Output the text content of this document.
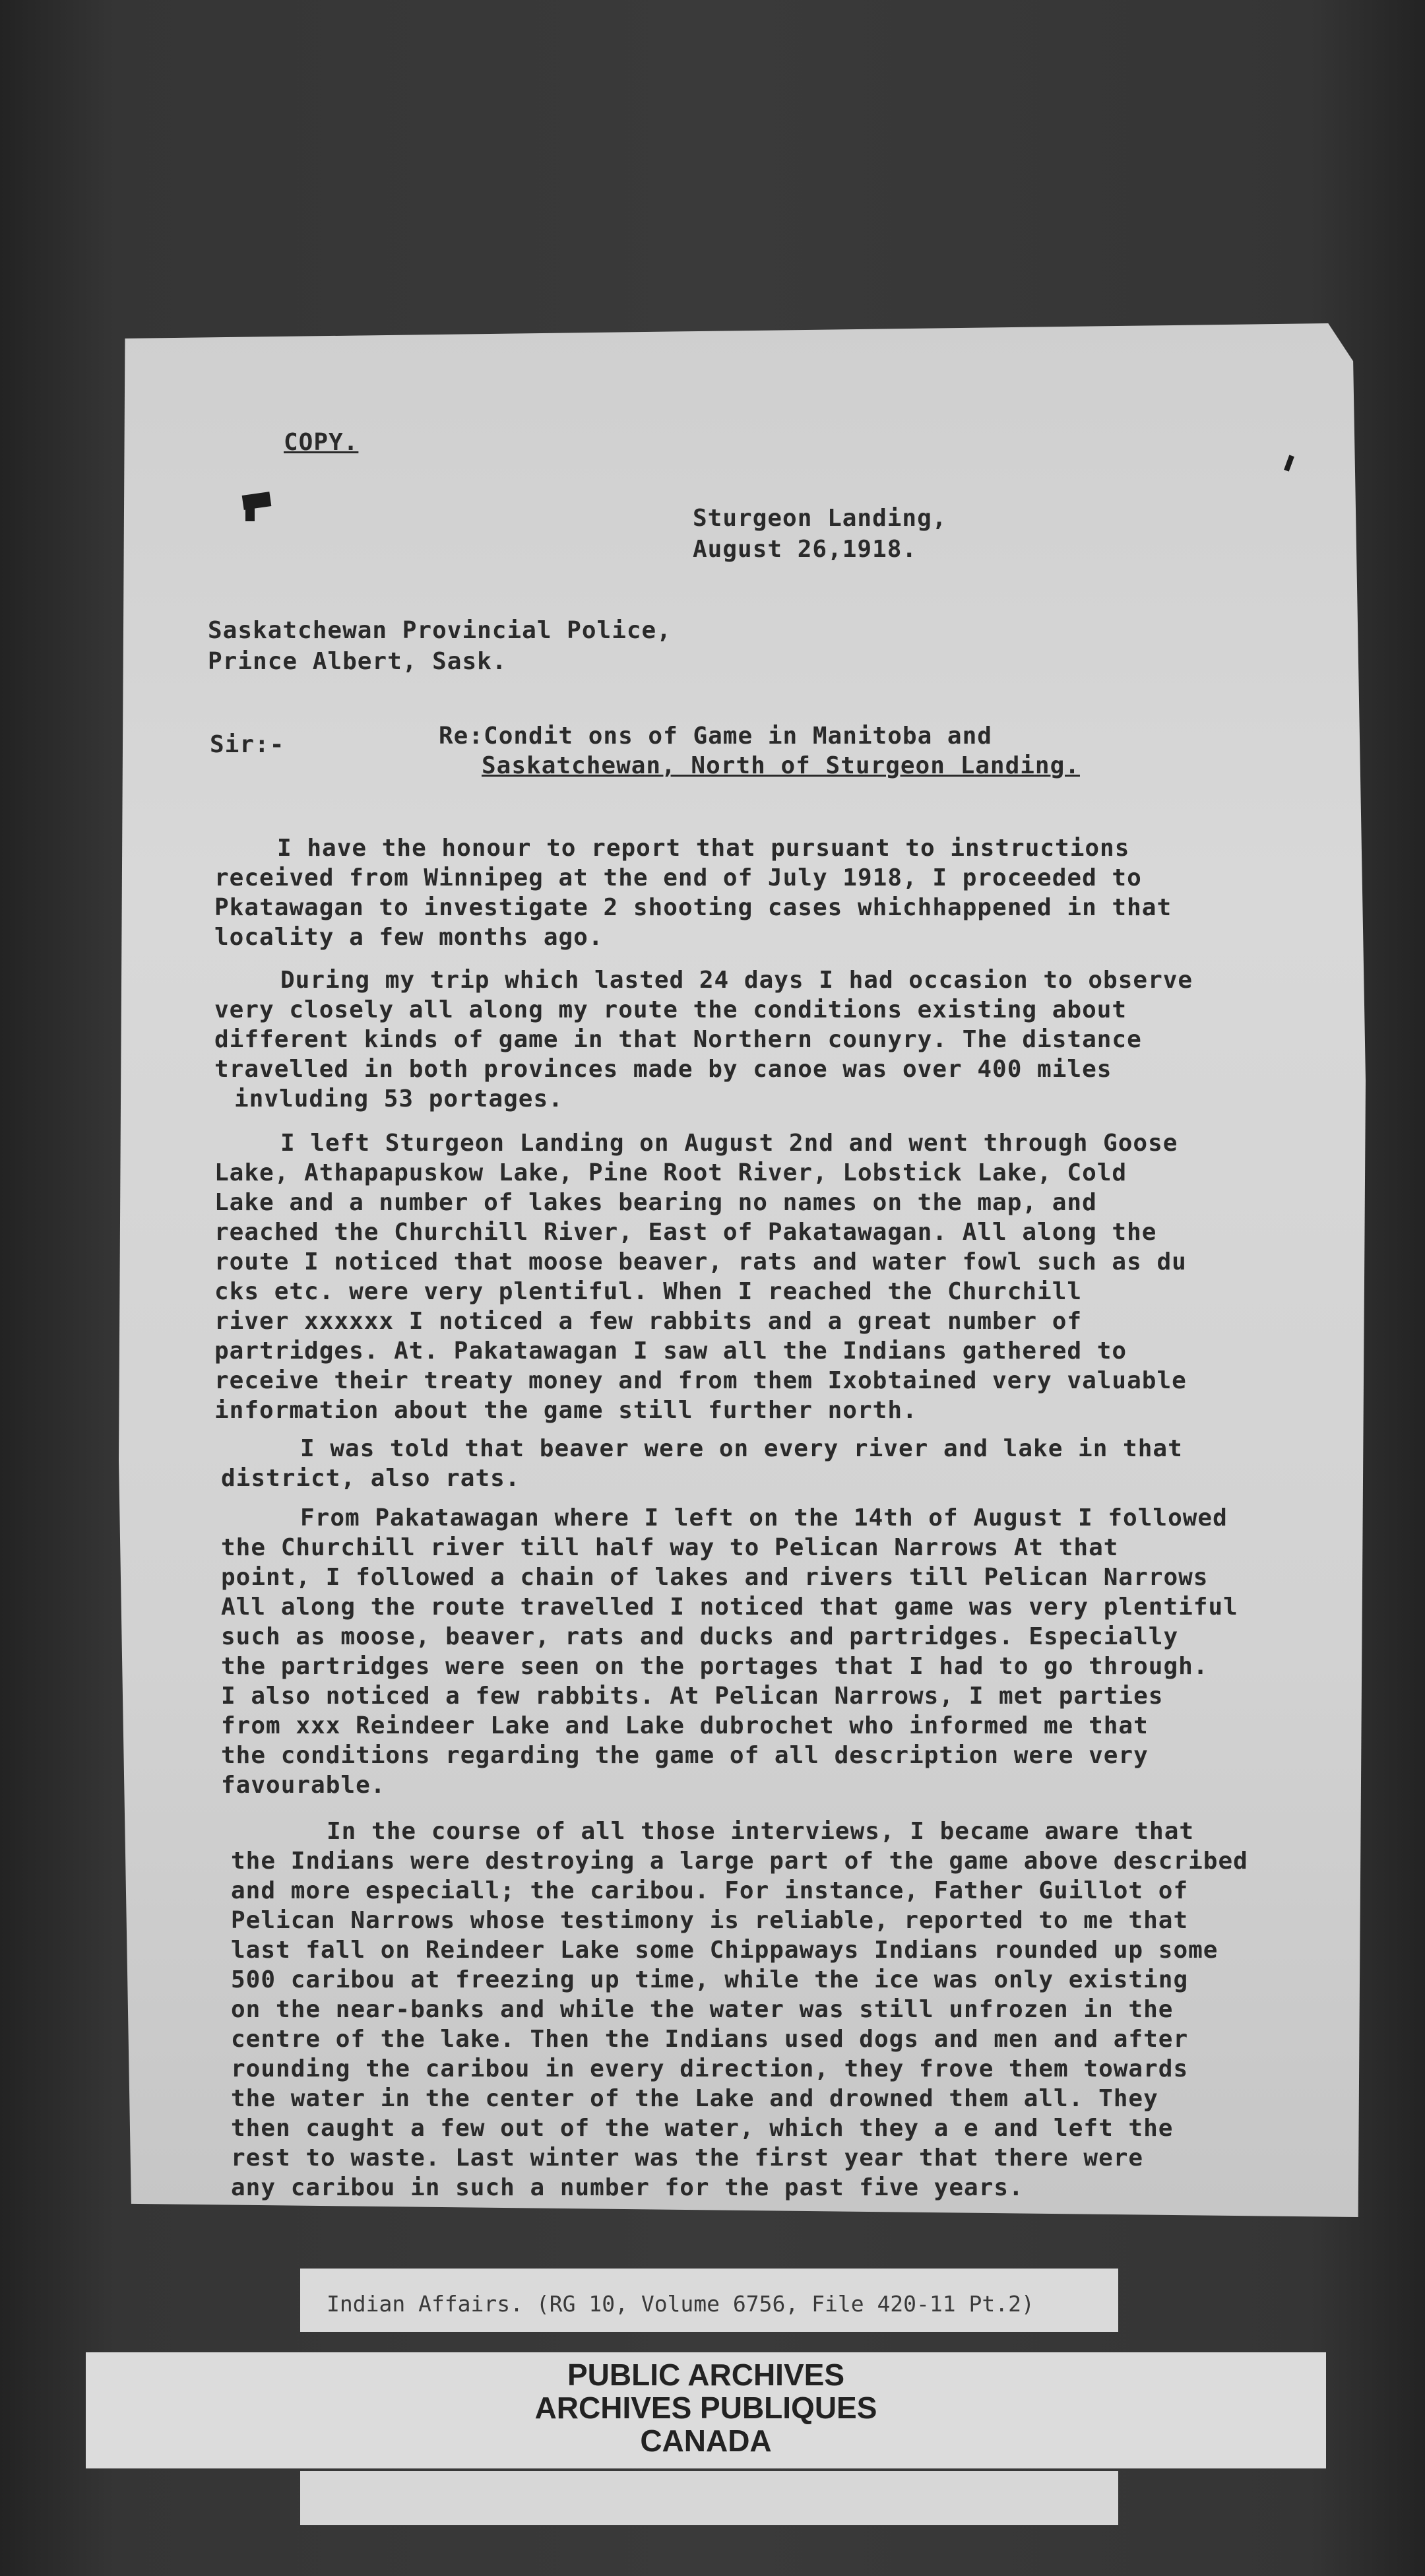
COPY.
Sturgeon Landing,
August 26,1918.
Saskatchewan Provincial Police,
Prince Albert, Sask.
Sir:-	Re:Condit ons of Game in Manitoba and
Saskatchewan, North of Sturgeon Landing.
I have the honour to report that pursuant to instructions
received from Winnipeg at the end of July 1918, I proceeded to
Pkatawagan to investigate 2 shooting cases whichhappened in that
locality a few months ago.
During my trip which lasted 24 days I had occasion to observe
very closely all along my route the conditions existing about
different kinds of game in that Northern counyry. The distance
travelled in both provinces made by canoe was over 400 miles
invluding 53 portages.
I left Sturgeon Landing on August 2nd and went through Goose
Lake, Athapapuskow Lake, Pine Root River, Lobstick Lake, Cold
Lake and a number of lakes bearing no names on the map, and
reached the Churchill River, East of Pakatawagan. All along the
route I noticed that moose beaver, rats and water fowl such as du
cks etc. were very plentiful. When I reached the Churchill
river xxxxxx I noticed a few rabbits and a great number of
partridges. At. Pakatawagan I saw all the Indians gathered to
receive their treaty money and from them Ixobtained very valuable
information about the game still further north.
I was told that beaver were on every river and lake in that
district, also rats.
From Pakatawagan where I left on the 14th of August I followed
the Churchill river till half way to Pelican Narrows At that
point, I followed a chain of lakes and rivers till Pelican Narrows
All along the route travelled I noticed that game was very plentiful
such as moose, beaver, rats and ducks and partridges. Especially
the partridges were seen on the portages that I had to go through.
I also noticed a few rabbits. At Pelican Narrows, I met parties
from xxx Reindeer Lake and Lake dubrochet who informed me that
the conditions regarding the game of all description were very
favourable.
In the course of all those interviews, I became aware that
the Indians were destroying a large part of the game above described
and more especiall; the caribou. For instance, Father Guillot of
Pelican Narrows whose testimony is reliable, reported to me that
last fall on Reindeer Lake some Chippaways Indians rounded up some
500 caribou at freezing up time, while the ice was only existing
on the near-banks and while the water was still unfrozen in the
centre of the lake. Then the Indians used dogs and men and after
rounding the caribou in every direction, they frove them towards
the water in the center of the Lake and drowned them all. They
then caught a few out of the water, which they a e and left the
rest to waste. Last winter was the first year that there were
any caribou in such a number for the past five years.
Indian Affairs. (RG 10, Volume 6756, File 420-11 Pt.2)
PUBLIC ARCHIVES
ARCHIVES PUBLIQUES
CANADA
